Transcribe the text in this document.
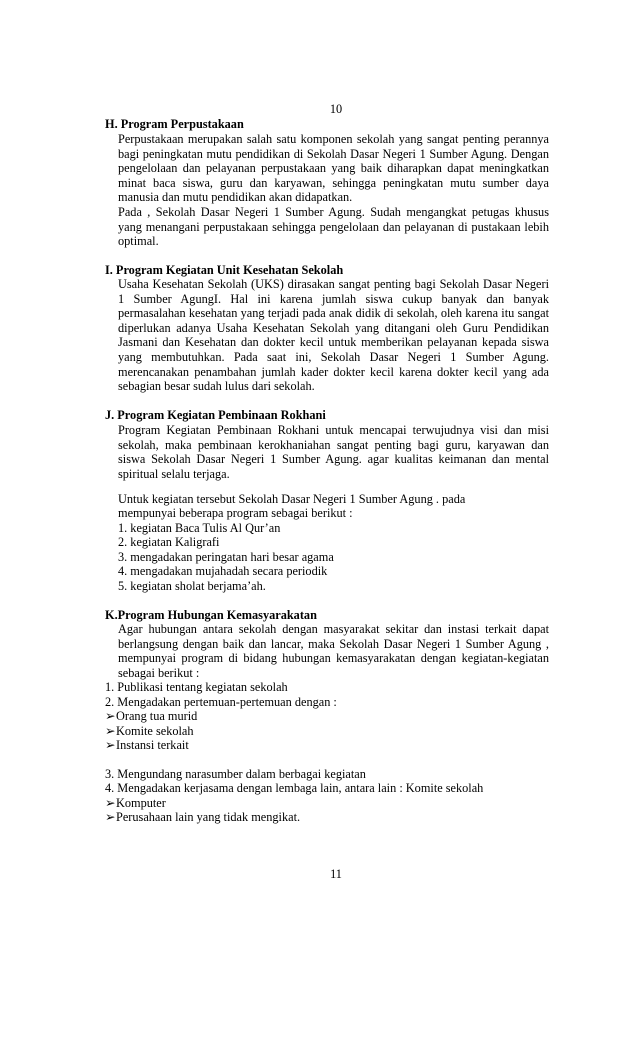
10
H. Program Perpustakaan
Perpustakaan merupakan salah satu komponen sekolah yang sangat penting perannya bagi peningkatan mutu pendidikan di Sekolah Dasar Negeri 1 Sumber Agung. Dengan pengelolaan dan pelayanan perpustakaan yang baik diharapkan dapat meningkatkan minat baca siswa, guru dan karyawan, sehingga peningkatan mutu sumber daya manusia dan mutu pendidikan akan didapatkan.
Pada , Sekolah Dasar Negeri 1 Sumber Agung. Sudah mengangkat petugas khusus yang menangani perpustakaan sehingga pengelolaan dan pelayanan di pustakaan lebih optimal.
I. Program Kegiatan Unit Kesehatan Sekolah
Usaha Kesehatan Sekolah (UKS) dirasakan sangat penting bagi Sekolah Dasar Negeri 1 Sumber AgungI. Hal ini karena jumlah siswa cukup banyak dan banyak permasalahan kesehatan yang terjadi pada anak didik di sekolah, oleh karena itu sangat diperlukan adanya Usaha Kesehatan Sekolah yang ditangani oleh Guru Pendidikan Jasmani dan Kesehatan dan dokter kecil untuk memberikan pelayanan kepada siswa yang membutuhkan. Pada saat ini, Sekolah Dasar Negeri 1 Sumber Agung. merencanakan penambahan jumlah kader dokter kecil karena dokter kecil yang ada sebagian besar sudah lulus dari sekolah.
J. Program Kegiatan Pembinaan Rokhani
Program Kegiatan Pembinaan Rokhani untuk mencapai terwujudnya visi dan misi sekolah, maka pembinaan kerokhaniahan sangat penting bagi guru, karyawan dan siswa Sekolah Dasar Negeri 1 Sumber Agung. agar kualitas keimanan dan mental spiritual selalu terjaga.
Untuk kegiatan tersebut Sekolah Dasar Negeri 1 Sumber Agung . pada
mempunyai beberapa program sebagai berikut :
1. kegiatan Baca Tulis Al Qur’an
2. kegiatan Kaligrafi
3. mengadakan peringatan hari besar agama
4. mengadakan mujahadah secara periodik
5. kegiatan sholat berjama’ah.
K.Program Hubungan Kemasyarakatan
Agar hubungan antara sekolah dengan masyarakat sekitar dan instasi terkait dapat berlangsung dengan baik dan lancar, maka Sekolah Dasar Negeri 1 Sumber Agung , mempunyai program di bidang hubungan kemasyarakatan dengan kegiatan-kegiatan sebagai berikut :
1. Publikasi tentang kegiatan sekolah
2. Mengadakan pertemuan-pertemuan dengan :
➢Orang tua murid
➢Komite sekolah
➢Instansi terkait
3. Mengundang narasumber dalam berbagai kegiatan
4. Mengadakan kerjasama dengan lembaga lain, antara lain : Komite sekolah
➢Komputer
➢Perusahaan lain yang tidak mengikat.
11
